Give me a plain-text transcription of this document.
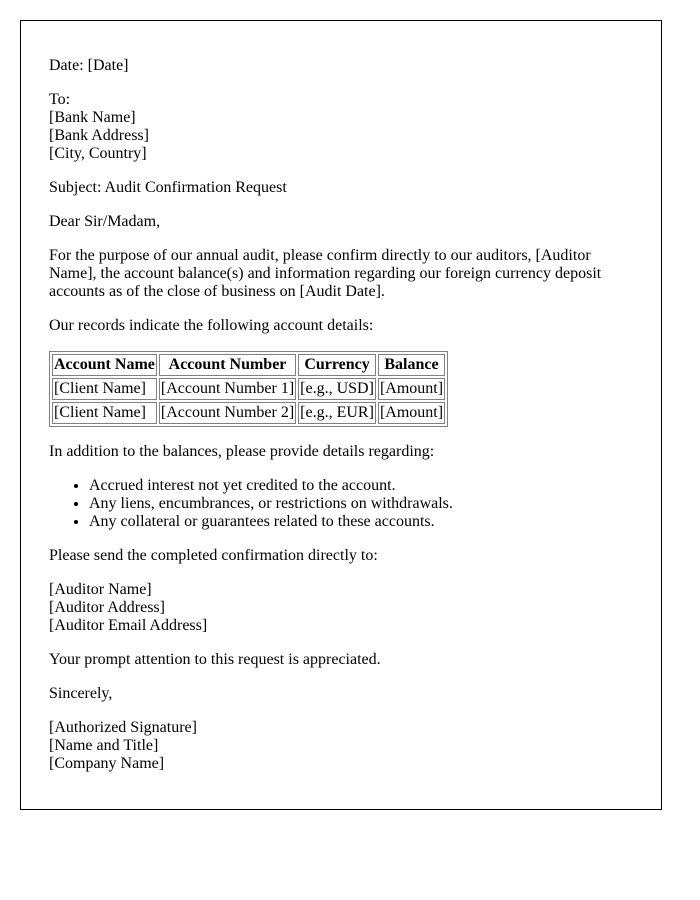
Date: [Date]

To:
[Bank Name]
[Bank Address]
[City, Country]

Subject: Audit Confirmation Request

Dear Sir/Madam,

For the purpose of our annual audit, please confirm directly to our auditors, [Auditor Name], the account balance(s) and information regarding our foreign currency deposit accounts as of the close of business on [Audit Date].

Our records indicate the following account details:

Account Name	Account Number	Currency	Balance
[Client Name]	[Account Number 1]	[e.g., USD]	[Amount]
[Client Name]	[Account Number 2]	[e.g., EUR]	[Amount]

In addition to the balances, please provide details regarding:

• Accrued interest not yet credited to the account.
• Any liens, encumbrances, or restrictions on withdrawals.
• Any collateral or guarantees related to these accounts.

Please send the completed confirmation directly to:

[Auditor Name]
[Auditor Address]
[Auditor Email Address]

Your prompt attention to this request is appreciated.

Sincerely,

[Authorized Signature]
[Name and Title]
[Company Name]
